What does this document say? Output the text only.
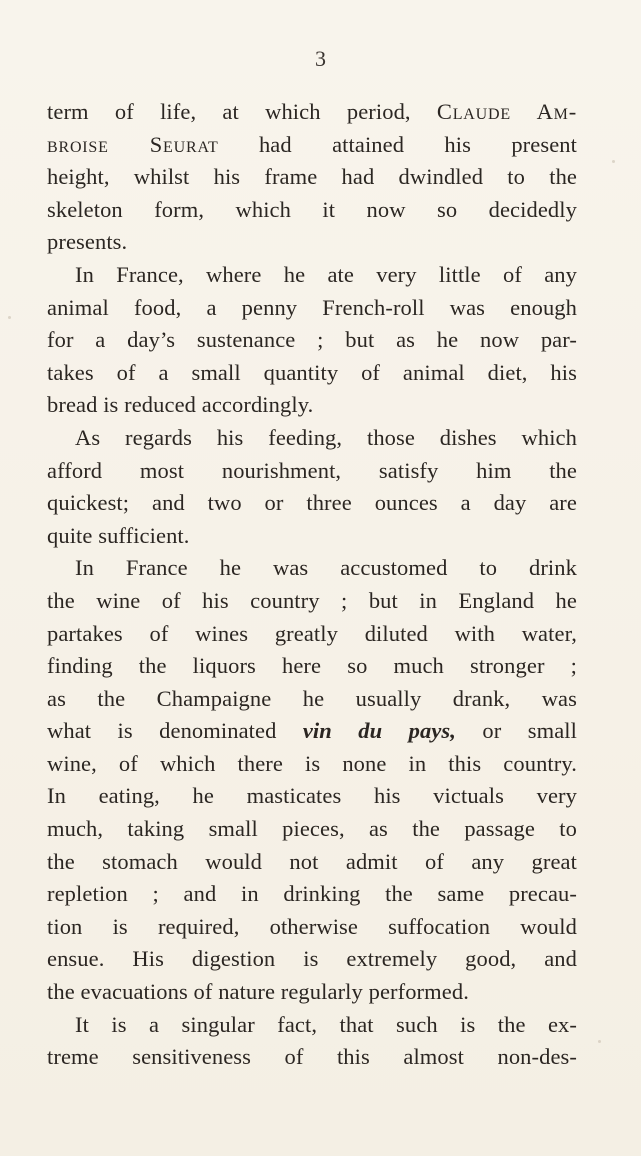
3
term of life, at which period, Claude Am-
broise Seurat had attained his present
height, whilst his frame had dwindled to the
skeleton form, which it now so decidedly
presents.
In France, where he ate very little of any
animal food, a penny French-roll was enough
for a day’s sustenance ; but as he now par-
takes of a small quantity of animal diet, his
bread is reduced accordingly.
As regards his feeding, those dishes which
afford most nourishment, satisfy him the
quickest; and two or three ounces a day are
quite sufficient.
In France he was accustomed to drink
the wine of his country ; but in England he
partakes of wines greatly diluted with water,
finding the liquors here so much stronger ;
as the Champaigne he usually drank, was
what is denominated vin du pays, or small
wine, of which there is none in this country.
In eating, he masticates his victuals very
much, taking small pieces, as the passage to
the stomach would not admit of any great
repletion ; and in drinking the same precau-
tion is required, otherwise suffocation would
ensue. His digestion is extremely good, and
the evacuations of nature regularly performed.
It is a singular fact, that such is the ex-
treme sensitiveness of this almost non-des-
